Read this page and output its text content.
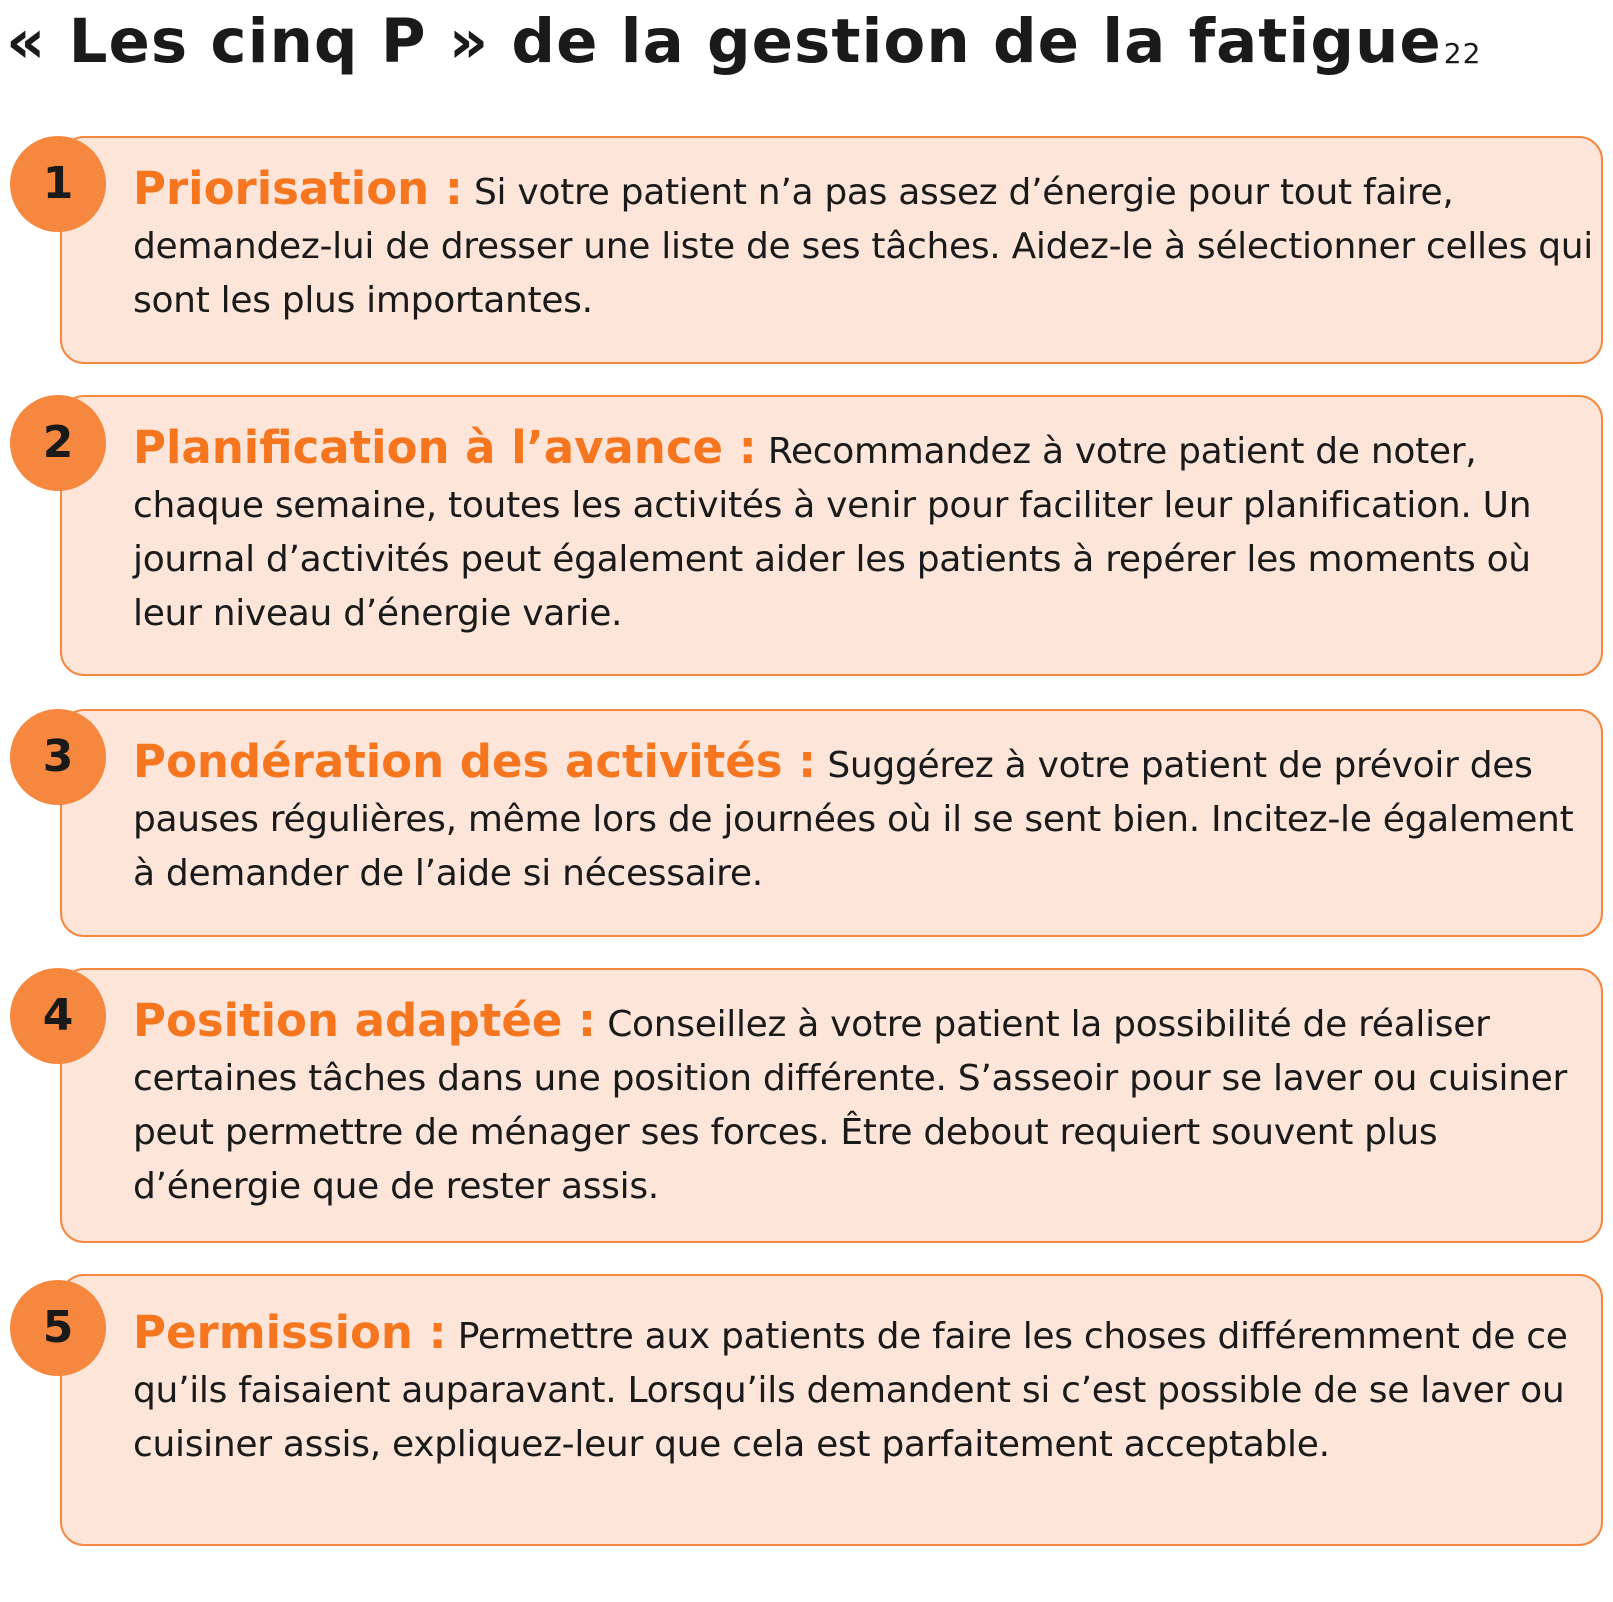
« Les cinq P » de la gestion de la fatigue$^{22}$
1	Priorisation : Si votre patient n’a pas assez d’énergie pour tout faire, demandez-lui de dresser une liste de ses tâches. Aidez-le à sélectionner celles qui sont les plus importantes.

2	Planification à l’avance : Recommandez à votre patient de noter, chaque semaine, toutes les activités à venir pour faciliter leur planification. Un journal d’activités peut également aider les patients à repérer les moments où leur niveau d’énergie varie.

3	Pondération des activités : Suggérez à votre patient de prévoir des pauses régulières, même lors de journées où il se sent bien. Incitez-le également à demander de l’aide si nécessaire.

4	Position adaptée : Conseillez à votre patient la possibilité de réaliser certaines tâches dans une position différente. S’asseoir pour se laver ou cuisiner peut permettre de ménager ses forces. Être debout requiert souvent plus d’énergie que de rester assis.

5	Permission : Permettre aux patients de faire les choses différemment de ce qu’ils faisaient auparavant. Lorsqu’ils demandent si c’est possible de se laver ou cuisiner assis, expliquez-leur que cela est parfaitement acceptable.
